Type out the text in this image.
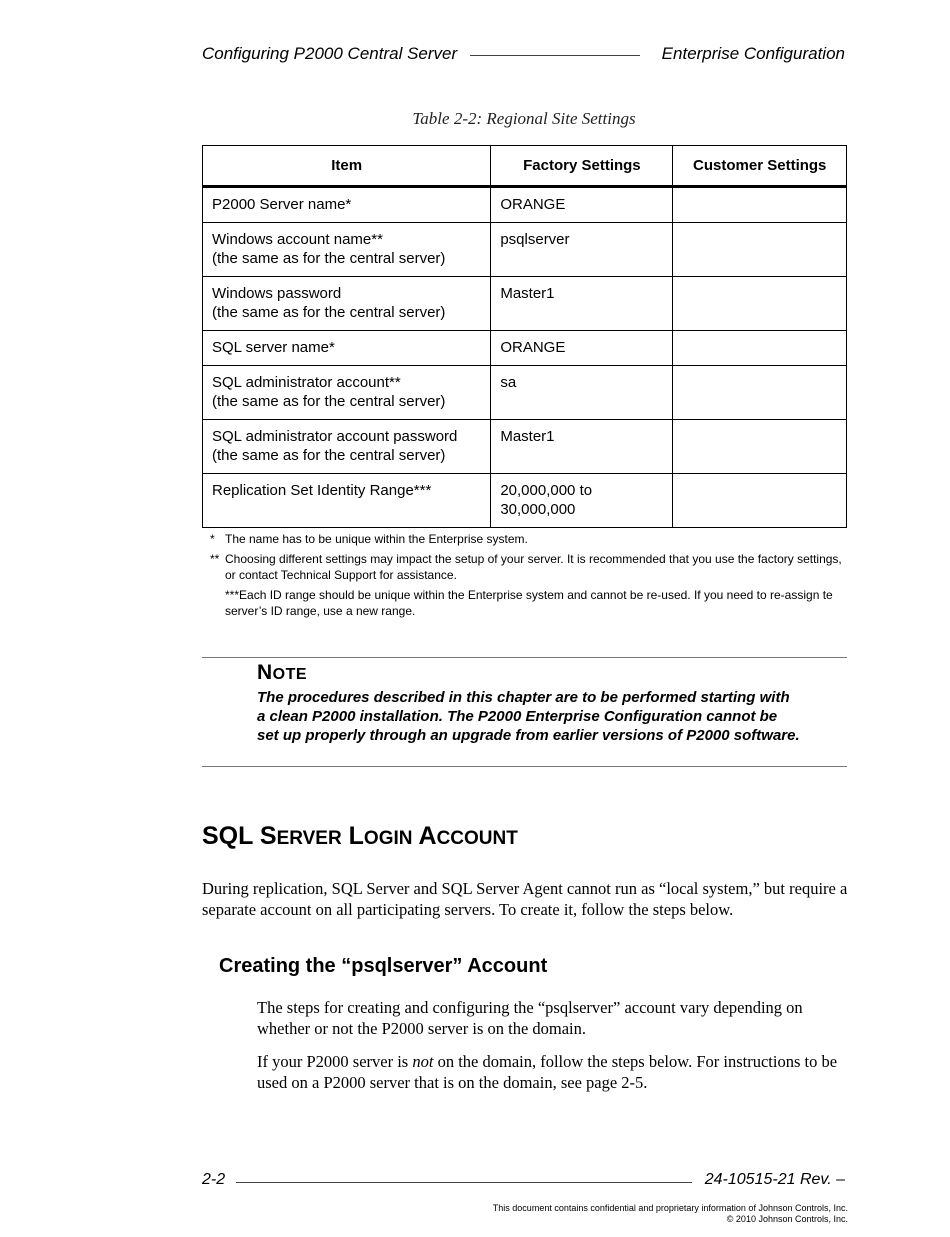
Configuring P2000 Central Server	Enterprise Configuration
Table 2-2: Regional Site Settings
Item	Factory Settings	Customer Settings

P2000 Server name*	ORANGE	

Windows account name**
(the same as for the central server)	psqlserver	

Windows password
(the same as for the central server)	Master1	

SQL server name*	ORANGE	

SQL administrator account**
(the same as for the central server)	sa	

SQL administrator account password
(the same as for the central server)	Master1	

Replication Set Identity Range***	20,000,000 to
30,000,000	

* The name has to be unique within the Enterprise system.
** Choosing different settings may impact the setup of your server. It is recommended that you use the factory settings, or contact Technical Support for assistance.
***Each ID range should be unique within the Enterprise system and cannot be re-used. If you need to re-assign te server’s ID range, use a new range.
NOTE
The procedures described in this chapter are to be performed starting with a clean P2000 installation. The P2000 Enterprise Configuration cannot be set up properly through an upgrade from earlier versions of P2000 software.
SQL SERVER LOGIN ACCOUNT
During replication, SQL Server and SQL Server Agent cannot run as “local system,” but require a separate account on all participating servers. To create it, follow the steps below.
Creating the “psqlserver” Account
The steps for creating and configuring the “psqlserver” account vary depending on whether or not the P2000 server is on the domain.
If your P2000 server is not on the domain, follow the steps below. For instructions to be used on a P2000 server that is on the domain, see page 2-5.
2-2	24-10515-21 Rev. –
This document contains confidential and proprietary information of Johnson Controls, Inc.
© 2010 Johnson Controls, Inc.
